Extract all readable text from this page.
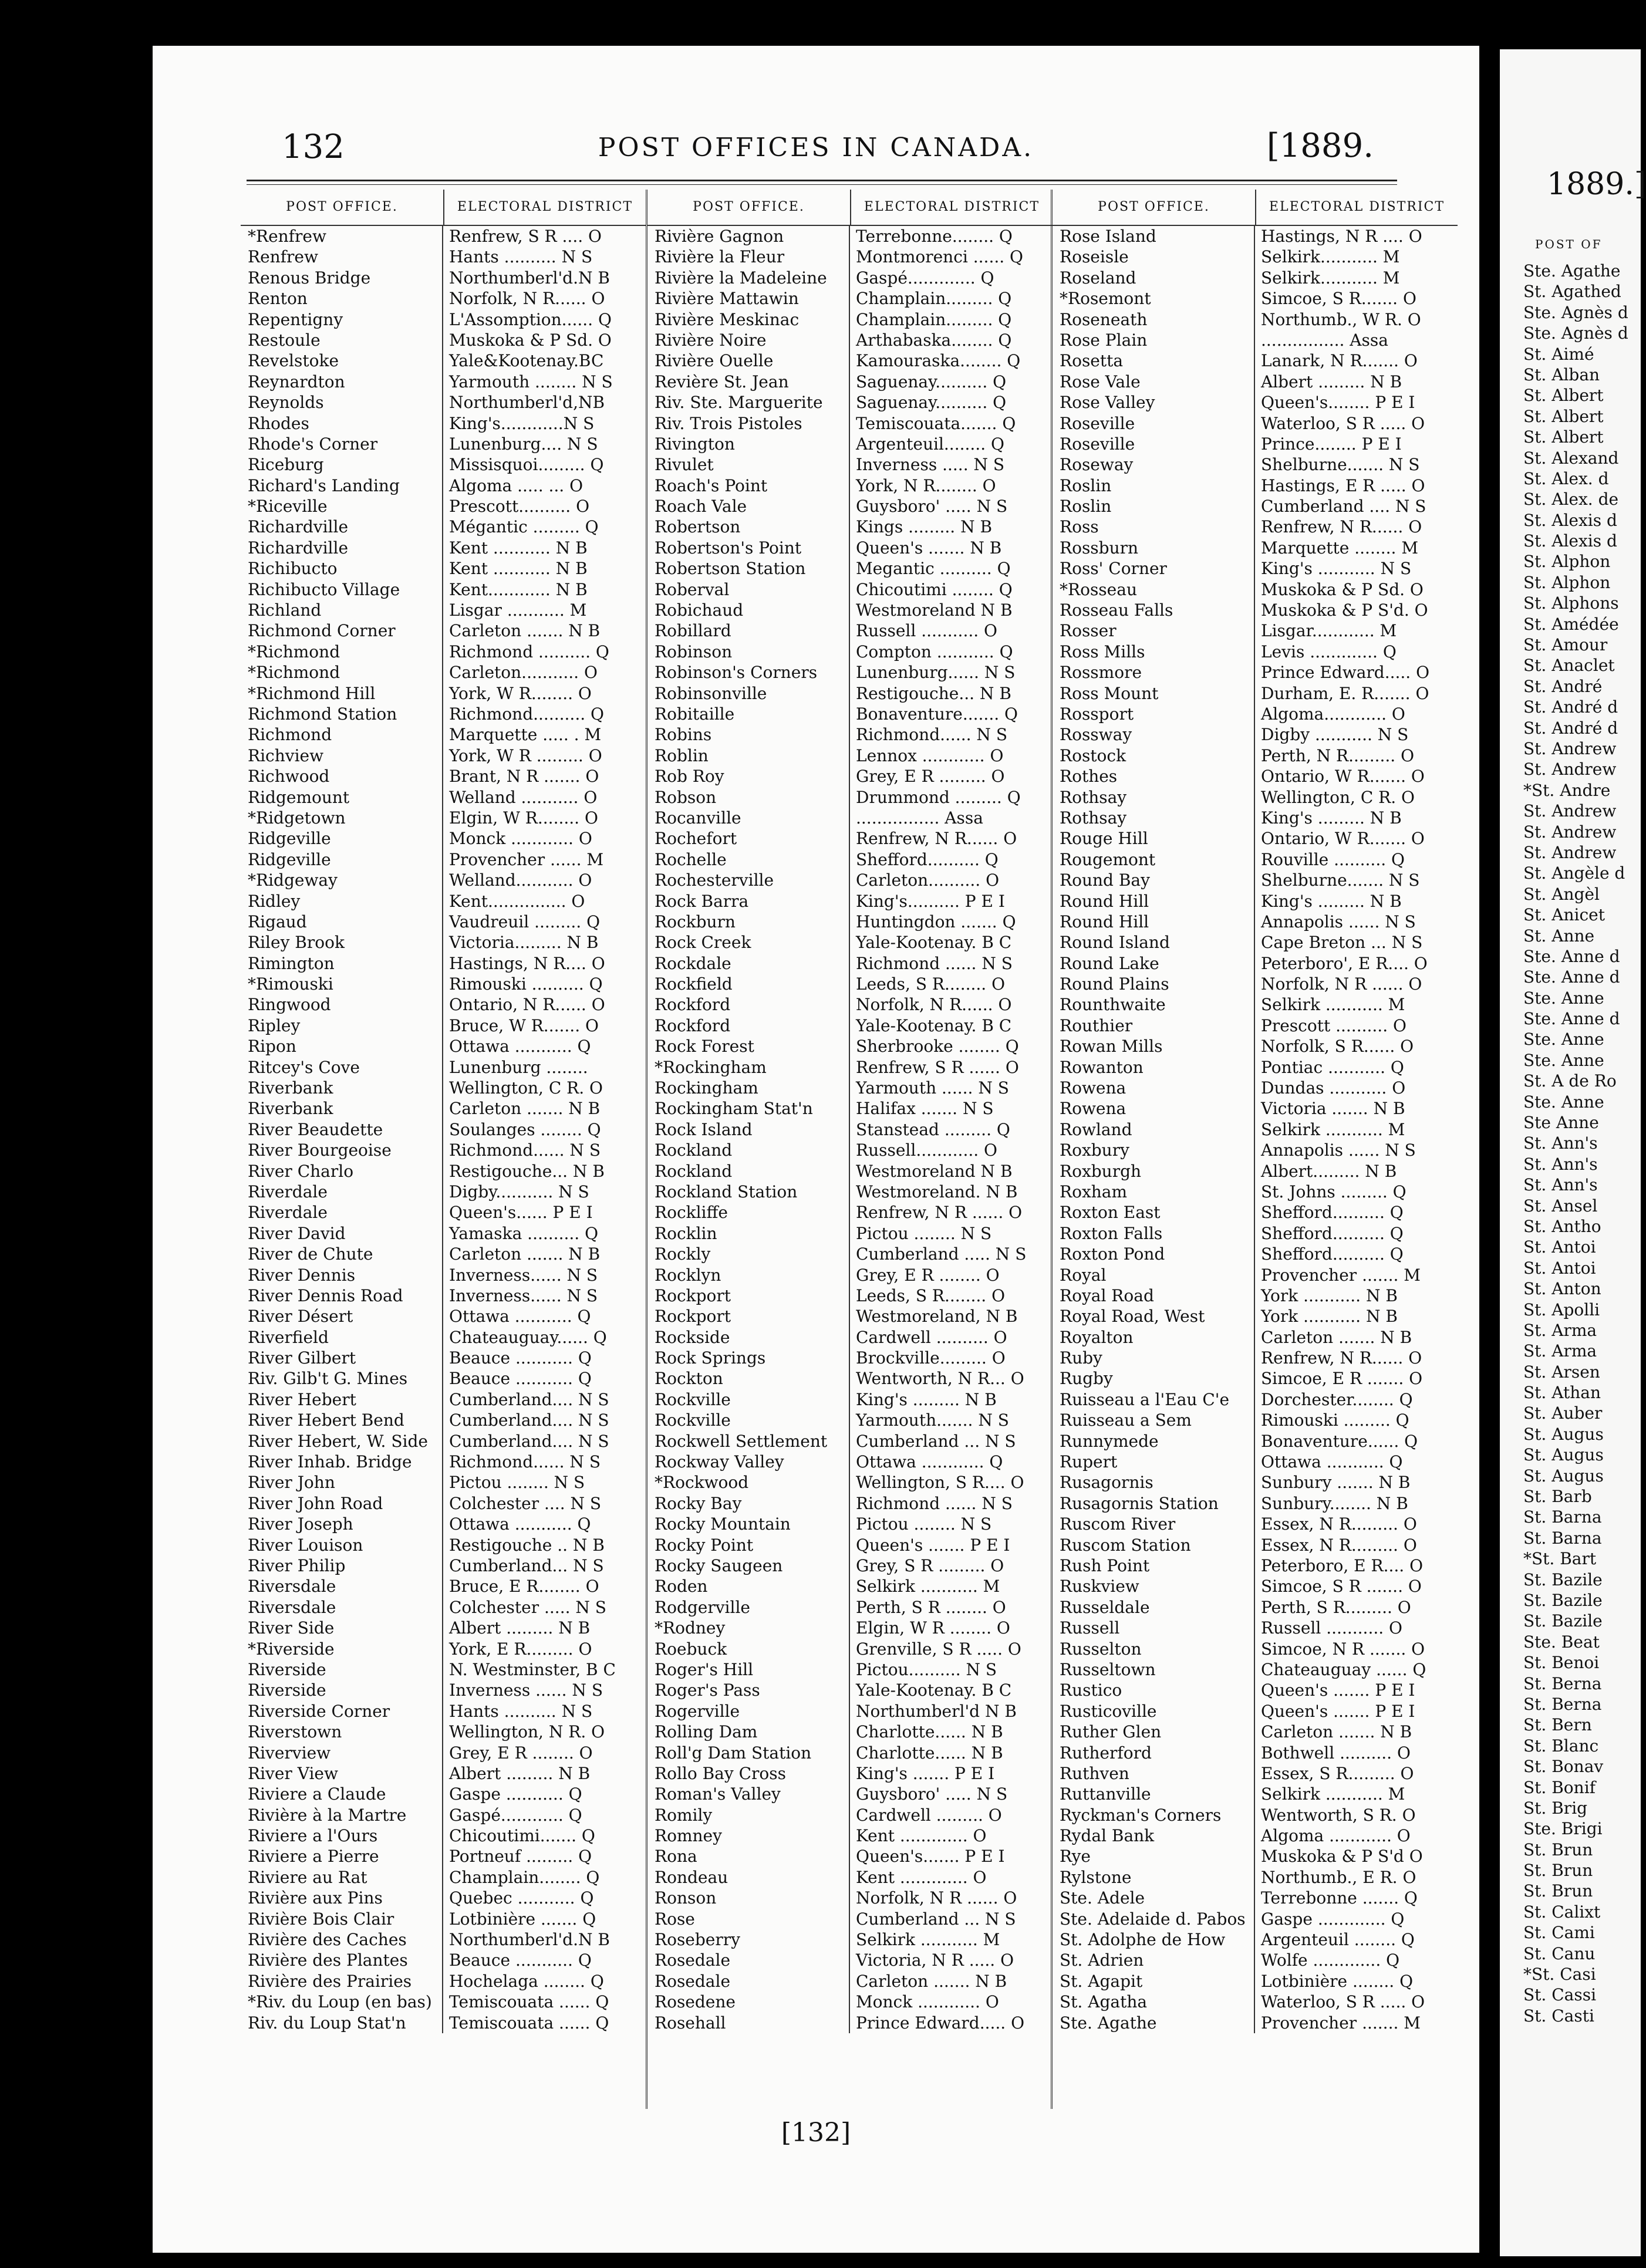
132	POST OFFICES IN CANADA.	[1889.
POST OFFICE.	ELECTORAL DISTRICT
*Renfrew	Renfrew, S R .... O
Renfrew	Hants .......... N S
Renous Bridge	Northumberl'd.N B
Renton	Norfolk, N R...... O
Repentigny	L'Assomption...... Q
Restoule	Muskoka & P Sd. O
Revelstoke	Yale&Kootenay.BC
Reynardton	Yarmouth ........ N S
Reynolds	Northumberl'd,NB
Rhodes	King's............N S
Rhode's Corner	Lunenburg.... N S
Riceburg	Missisquoi......... Q
Richard's Landing	Algoma ..... ... O
*Riceville	Prescott.......... O
Richardville	Mégantic ......... Q
Richardville	Kent ........... N B
Richibucto	Kent ........... N B
Richibucto Village	Kent............ N B
Richland	Lisgar ........... M
Richmond Corner	Carleton ....... N B
*Richmond	Richmond .......... Q
*Richmond	Carleton........... O
*Richmond Hill	York, W R........ O
Richmond Station	Richmond.......... Q
Richmond	Marquette ..... . M
Richview	York, W R ......... O
Richwood	Brant, N R ....... O
Ridgemount	Welland ........... O
*Ridgetown	Elgin, W R........ O
Ridgeville	Monck ............ O
Ridgeville	Provencher ...... M
*Ridgeway	Welland........... O
Ridley	Kent............... O
Rigaud	Vaudreuil ......... Q
Riley Brook	Victoria......... N B
Rimington	Hastings, N R.... O
*Rimouski	Rimouski .......... Q
Ringwood	Ontario, N R...... O
Ripley	Bruce, W R....... O
Ripon	Ottawa ........... Q
Ritcey's Cove	Lunenburg ........
Riverbank	Wellington, C R. O
Riverbank	Carleton ....... N B
River Beaudette	Soulanges ........ Q
River Bourgeoise	Richmond...... N S
River Charlo	Restigouche... N B
Riverdale	Digby........... N S
Riverdale	Queen's...... P E I
River David	Yamaska .......... Q
River de Chute	Carleton ....... N B
River Dennis	Inverness...... N S
River Dennis Road	Inverness...... N S
River Désert	Ottawa ........... Q
Riverfield	Chateauguay...... Q
River Gilbert	Beauce ........... Q
Riv. Gilb't G. Mines	Beauce ........... Q
River Hebert	Cumberland.... N S
River Hebert Bend	Cumberland.... N S
River Hebert, W. Side	Cumberland.... N S
River Inhab. Bridge	Richmond...... N S
River John	Pictou ........ N S
River John Road	Colchester .... N S
River Joseph	Ottawa ........... Q
River Louison	Restigouche .. N B
River Philip	Cumberland... N S
Riversdale	Bruce, E R........ O
Riversdale	Colchester ..... N S
River Side	Albert ......... N B
*Riverside	York, E R......... O
Riverside	N. Westminster, B C
Riverside	Inverness ...... N S
Riverside Corner	Hants .......... N S
Riverstown	Wellington, N R. O
Riverview	Grey, E R ........ O
River View	Albert ......... N B
Riviere a Claude	Gaspe ........... Q
Rivière à la Martre	Gaspé............ Q
Riviere a l'Ours	Chicoutimi....... Q
Riviere a Pierre	Portneuf ......... Q
Riviere au Rat	Champlain........ Q
Rivière aux Pins	Quebec ........... Q
Rivière Bois Clair	Lotbinière ....... Q
Rivière des Caches	Northumberl'd.N B
Rivière des Plantes	Beauce ........... Q
Rivière des Prairies	Hochelaga ........ Q
*Riv. du Loup (en bas)	Temiscouata ...... Q
Riv. du Loup Stat'n	Temiscouata ...... Q
POST OFFICE.	ELECTORAL DISTRICT
Rivière Gagnon	Terrebonne........ Q
Rivière la Fleur	Montmorenci ...... Q
Rivière la Madeleine	Gaspé............. Q
Rivière Mattawin	Champlain......... Q
Rivière Meskinac	Champlain......... Q
Rivière Noire	Arthabaska........ Q
Rivière Ouelle	Kamouraska........ Q
Revière St. Jean	Saguenay.......... Q
Riv. Ste. Marguerite	Saguenay.......... Q
Riv. Trois Pistoles	Temiscouata....... Q
Rivington	Argenteuil........ Q
Rivulet	Inverness ..... N S
Roach's Point	York, N R........ O
Roach Vale	Guysboro' ..... N S
Robertson	Kings ......... N B
Robertson's Point	Queen's ....... N B
Robertson Station	Megantic .......... Q
Roberval	Chicoutimi ........ Q
Robichaud	Westmoreland N B
Robillard	Russell ........... O
Robinson	Compton ........... Q
Robinson's Corners	Lunenburg...... N S
Robinsonville	Restigouche... N B
Robitaille	Bonaventure....... Q
Robins	Richmond...... N S
Roblin	Lennox ............ O
Rob Roy	Grey, E R ......... O
Robson	Drummond ......... Q
Rocanville	................ Assa
Rochefort	Renfrew, N R...... O
Rochelle	Shefford.......... Q
Rochesterville	Carleton.......... O
Rock Barra	King's.......... P E I
Rockburn	Huntingdon ....... Q
Rock Creek	Yale-Kootenay. B C
Rockdale	Richmond ...... N S
Rockfield	Leeds, S R........ O
Rockford	Norfolk, N R...... O
Rockford	Yale-Kootenay. B C
Rock Forest	Sherbrooke ........ Q
*Rockingham	Renfrew, S R ...... O
Rockingham	Yarmouth ...... N S
Rockingham Stat'n	Halifax ....... N S
Rock Island	Stanstead ......... Q
Rockland	Russell............ O
Rockland	Westmoreland N B
Rockland Station	Westmoreland. N B
Rockliffe	Renfrew, N R ...... O
Rocklin	Pictou ........ N S
Rockly	Cumberland ..... N S
Rocklyn	Grey, E R ........ O
Rockport	Leeds, S R........ O
Rockport	Westmoreland, N B
Rockside	Cardwell .......... O
Rock Springs	Brockville......... O
Rockton	Wentworth, N R... O
Rockville	King's ......... N B
Rockville	Yarmouth....... N S
Rockwell Settlement	Cumberland ... N S
Rockway Valley	Ottawa ............ Q
*Rockwood	Wellington, S R.... O
Rocky Bay	Richmond ...... N S
Rocky Mountain	Pictou ........ N S
Rocky Point	Queen's ....... P E I
Rocky Saugeen	Grey, S R ......... O
Roden	Selkirk ........... M
Rodgerville	Perth, S R ........ O
*Rodney	Elgin, W R ........ O
Roebuck	Grenville, S R ..... O
Roger's Hill	Pictou.......... N S
Roger's Pass	Yale-Kootenay. B C
Rogerville	Northumberl'd N B
Rolling Dam	Charlotte...... N B
Roll'g Dam Station	Charlotte...... N B
Rollo Bay Cross	King's ....... P E I
Roman's Valley	Guysboro' ..... N S
Romily	Cardwell ......... O
Romney	Kent ............. O
Rona	Queen's....... P E I
Rondeau	Kent ............. O
Ronson	Norfolk, N R ...... O
Rose	Cumberland ... N S
Roseberry	Selkirk ........... M
Rosedale	Victoria, N R ..... O
Rosedale	Carleton ....... N B
Rosedene	Monck ............ O
Rosehall	Prince Edward..... O
POST OFFICE.	ELECTORAL DISTRICT
Rose Island	Hastings, N R .... O
Roseisle	Selkirk........... M
Roseland	Selkirk........... M
*Rosemont	Simcoe, S R....... O
Roseneath	Northumb., W R. O
Rose Plain	................ Assa
Rosetta	Lanark, N R....... O
Rose Vale	Albert ......... N B
Rose Valley	Queen's........ P E I
Roseville	Waterloo, S R ..... O
Roseville	Prince........ P E I
Roseway	Shelburne....... N S
Roslin	Hastings, E R ..... O
Roslin	Cumberland .... N S
Ross	Renfrew, N R...... O
Rossburn	Marquette ........ M
Ross' Corner	King's ........... N S
*Rosseau	Muskoka & P Sd. O
Rosseau Falls	Muskoka & P S'd. O
Rosser	Lisgar............ M
Ross Mills	Levis ............. Q
Rossmore	Prince Edward..... O
Ross Mount	Durham, E. R....... O
Rossport	Algoma............ O
Rossway	Digby ........... N S
Rostock	Perth, N R......... O
Rothes	Ontario, W R....... O
Rothsay	Wellington, C R. O
Rothsay	King's ......... N B
Rouge Hill	Ontario, W R....... O
Rougemont	Rouville .......... Q
Round Bay	Shelburne....... N S
Round Hill	King's ......... N B
Round Hill	Annapolis ...... N S
Round Island	Cape Breton ... N S
Round Lake	Peterboro', E R.... O
Round Plains	Norfolk, N R ...... O
Rounthwaite	Selkirk ........... M
Routhier	Prescott .......... O
Rowan Mills	Norfolk, S R...... O
Rowanton	Pontiac ........... Q
Rowena	Dundas ........... O
Rowena	Victoria ....... N B
Rowland	Selkirk ........... M
Roxbury	Annapolis ...... N S
Roxburgh	Albert......... N B
Roxham	St. Johns ......... Q
Roxton East	Shefford.......... Q
Roxton Falls	Shefford.......... Q
Roxton Pond	Shefford.......... Q
Royal	Provencher ....... M
Royal Road	York ........... N B
Royal Road, West	York ........... N B
Royalton	Carleton ....... N B
Ruby	Renfrew, N R...... O
Rugby	Simcoe, E R ....... O
Ruisseau a l'Eau C'e	Dorchester........ Q
Ruisseau a Sem	Rimouski ......... Q
Runnymede	Bonaventure...... Q
Rupert	Ottawa ........... Q
Rusagornis	Sunbury ....... N B
Rusagornis Station	Sunbury........ N B
Ruscom River	Essex, N R......... O
Ruscom Station	Essex, N R......... O
Rush Point	Peterboro, E R.... O
Ruskview	Simcoe, S R ....... O
Russeldale	Perth, S R......... O
Russell	Russell ........... O
Russelton	Simcoe, N R ....... O
Russeltown	Chateauguay ...... Q
Rustico	Queen's ....... P E I
Rusticoville	Queen's ....... P E I
Ruther Glen	Carleton ....... N B
Rutherford	Bothwell .......... O
Ruthven	Essex, S R......... O
Ruttanville	Selkirk ........... M
Ryckman's Corners	Wentworth, S R. O
Rydal Bank	Algoma ............ O
Rye	Muskoka & P S'd O
Rylstone	Northumb., E R. O
Ste. Adele	Terrebonne ....... Q
Ste. Adelaide d. Pabos Gaspe ............. Q
St. Adolphe de How	Argenteuil ........ Q
St. Adrien	Wolfe ............. Q
St. Agapit	Lotbinière ........ Q
St. Agatha	Waterloo, S R ..... O
Ste. Agathe	Provencher ....... M
[132]
1889.]
POST OF
Ste. Agathe
St. Agathed
Ste. Agnès d
Ste. Agnès d
St. Aimé
St. Alban
St. Albert
St. Albert
St. Albert
St. Alexand
St. Alex. d
St. Alex. de
St. Alexis d
St. Alexis d
St. Alphon
St. Alphon
St. Alphons
St. Amédée
St. Amour
St. Anaclet
St. André
St. André d
St. André d
St. Andrew
St. Andrew
*St. Andre
St. Andrew
St. Andrew
St. Andrew
St. Angèle d
St. Angèl
St. Anicet
St. Anne
Ste. Anne d
Ste. Anne d
Ste. Anne
Ste. Anne d
Ste. Anne
Ste. Anne
St. A de Ro
Ste. Anne
Ste Anne
St. Ann's
St. Ann's
St. Ann's
St. Ansel
St. Antho
St. Antoi
St. Antoi
St. Anton
St. Apolli
St. Arma
St. Arma
St. Arsen
St. Athan
St. Auber
St. Augus
St. Augus
St. Augus
St. Barb
St. Barna
St. Barna
*St. Bart
St. Bazile
St. Bazile
St. Bazile
Ste. Beat
St. Benoi
St. Berna
St. Berna
St. Bern
St. Blanc
St. Bonav
St. Bonif
St. Brig
Ste. Brigi
St. Brun
St. Brun
St. Brun
St. Calixt
St. Cami
St. Canu
*St. Casi
St. Cassi
St. Casti
